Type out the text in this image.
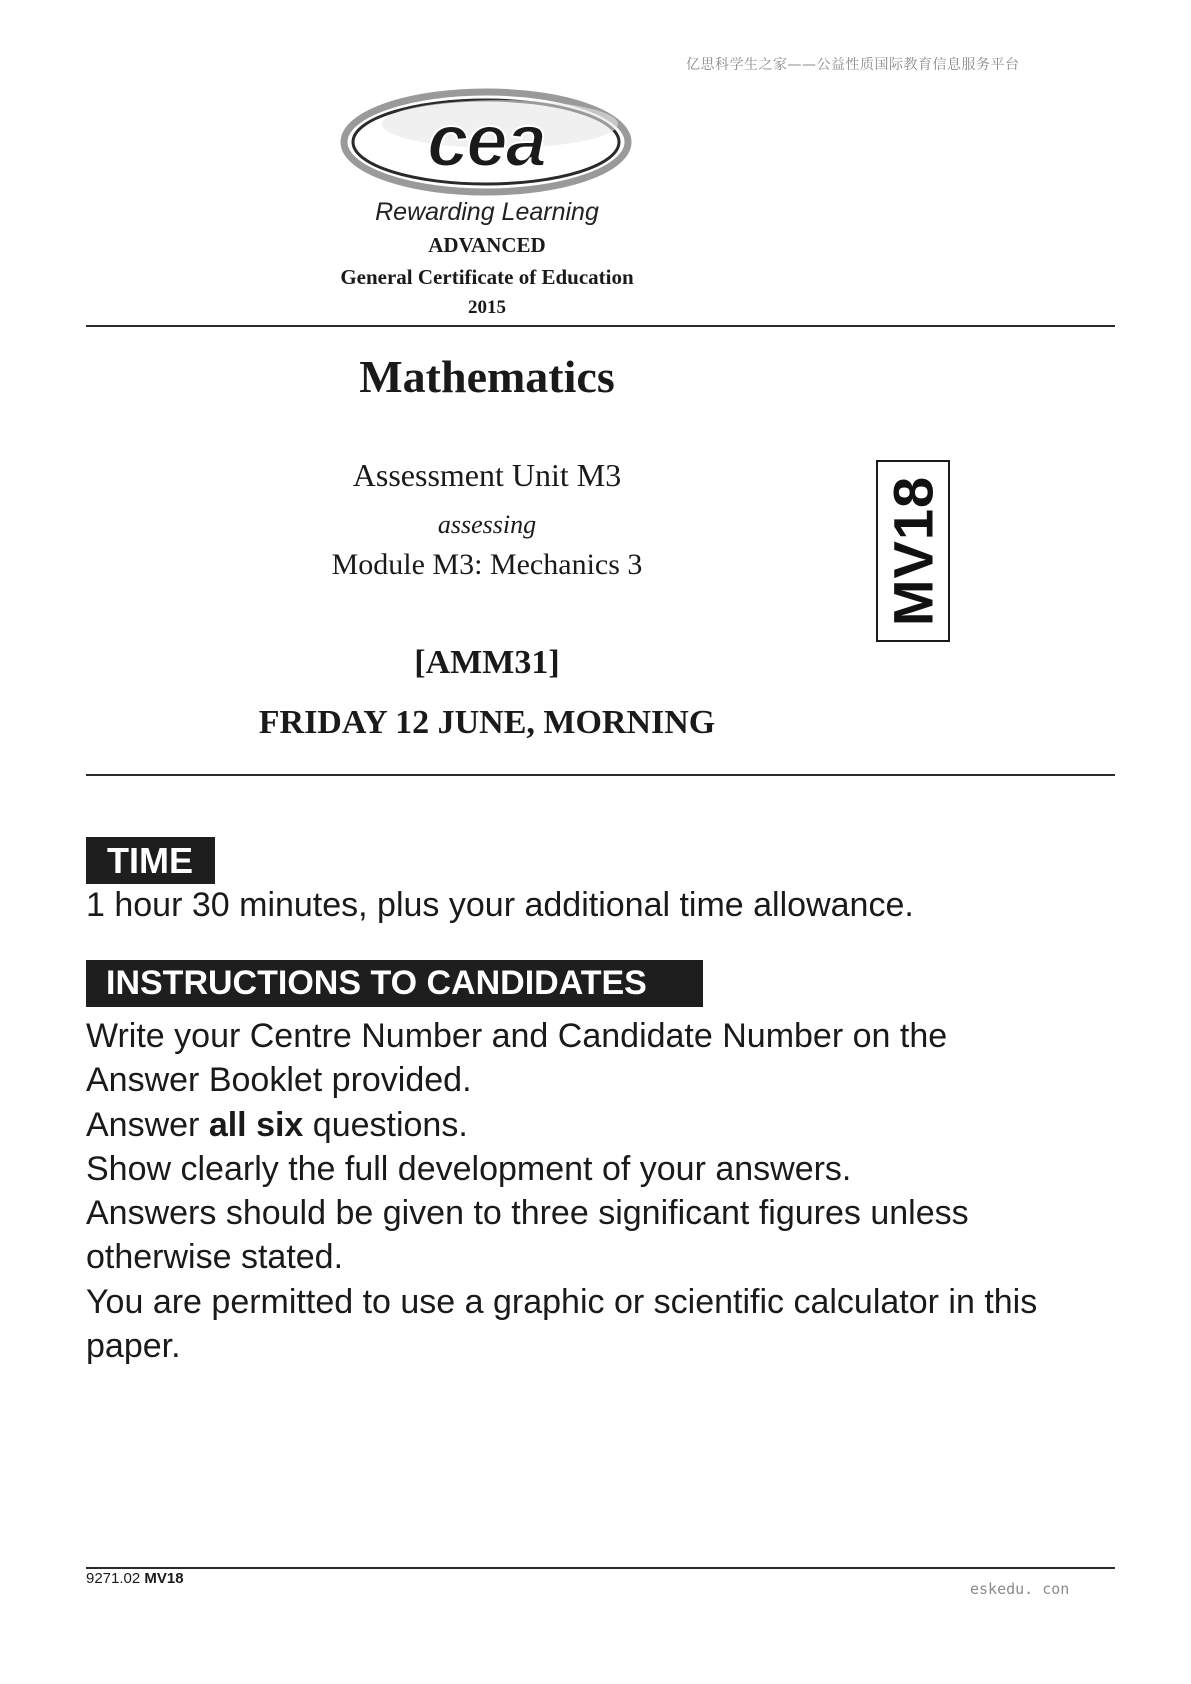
亿思科学生之家——公益性质国际教育信息服务平台
cea
Rewarding Learning
ADVANCED
General Certificate of Education
2015
Mathematics
Assessment Unit M3
assessing
Module M3: Mechanics 3	MV18
[AMM31]
FRIDAY 12 JUNE, MORNING
TIME
1 hour 30 minutes, plus your additional time allowance.
INSTRUCTIONS TO CANDIDATES
Write your Centre Number and Candidate Number on the
Answer Booklet provided.
Answer all six questions.
Show clearly the full development of your answers.
Answers should be given to three significant figures unless
otherwise stated.
You are permitted to use a graphic or scientific calculator in this
paper.
9271.02 MV18
eskedu. con
